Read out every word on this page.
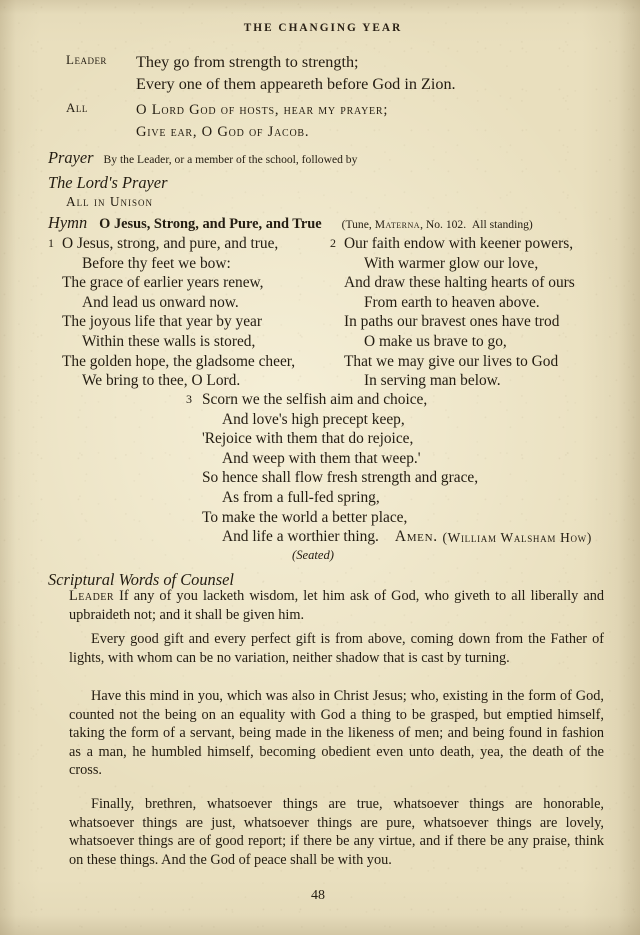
THE CHANGING YEAR
Leader They go from strength to strength;
Every one of them appeareth before God in Zion.
All	O Lord God of hosts, hear my prayer;
Give ear, O God of Jacob.
Prayer By the Leader, or a member of the school, followed by
The Lord's Prayer
All in Unison
Hymn O Jesus, Strong, and Pure, and True (Tune, Materna, No. 102. All standing)
1 O Jesus, strong, and pure, and true,
Before thy feet we bow:
The grace of earlier years renew,
And lead us onward now.
The joyous life that year by year
Within these walls is stored,
The golden hope, the gladsome cheer,
We bring to thee, O Lord.
2 Our faith endow with keener powers,
With warmer glow our love,
And draw these halting hearts of ours
From earth to heaven above.
In paths our bravest ones have trod
O make us brave to go,
That we may give our lives to God
In serving man below.
3 Scorn we the selfish aim and choice,
And love's high precept keep,
'Rejoice with them that do rejoice,
And weep with them that weep.'
So hence shall flow fresh strength and grace,
As from a full-fed spring,
To make the world a better place,
And life a worthier thing. Amen. (William Walsham How)
(Seated)
Scriptural Words of Counsel
Leader If any of you lacketh wisdom, let him ask of God, who giveth to all liberally and upbraideth not; and it shall be given him.
Every good gift and every perfect gift is from above, coming down from the Father of lights, with whom can be no variation, neither shadow that is cast by turning.
Have this mind in you, which was also in Christ Jesus; who, existing in the form of God, counted not the being on an equality with God a thing to be grasped, but emptied himself, taking the form of a servant, being made in the likeness of men; and being found in fashion as a man, he humbled himself, becoming obedient even unto death, yea, the death of the cross.
Finally, brethren, whatsoever things are true, whatsoever things are honorable, whatsoever things are just, whatsoever things are pure, whatsoever things are lovely, whatsoever things are of good report; if there be any virtue, and if there be any praise, think on these things. And the God of peace shall be with you.
48
